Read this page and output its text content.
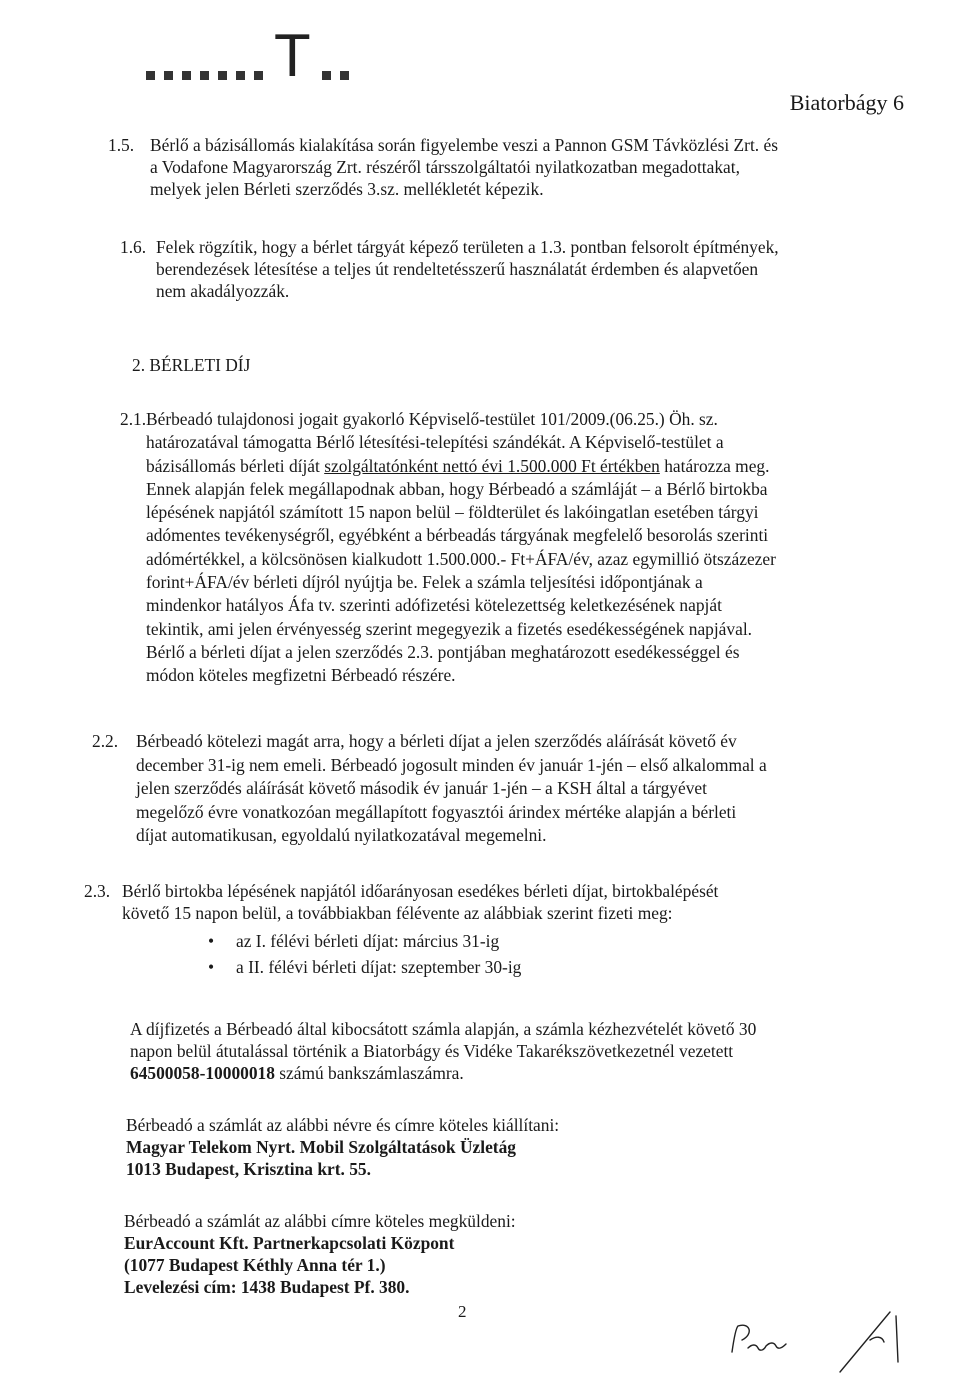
T
Biatorbágy 6
1.5. Bérlő a bázisállomás kialakítása során figyelembe veszi a Pannon GSM Távközlési Zrt. és
a Vodafone Magyarország Zrt. részéről társszolgáltatói nyilatkozatban megadottakat,
melyek jelen Bérleti szerződés 3.sz. mellékletét képezik.
1.6. Felek rögzítik, hogy a bérlet tárgyát képező területen a 1.3. pontban felsorolt építmények,
berendezések létesítése a teljes út rendeltetésszerű használatát érdemben és alapvetően
nem akadályozzák.
2. BÉRLETI DÍJ
2.1. Bérbeadó tulajdonosi jogait gyakorló Képviselő-testület 101/2009.(06.25.) Öh. sz.
határozatával támogatta Bérlő létesítési-telepítési szándékát. A Képviselő-testület a
bázisállomás bérleti díját szolgáltatónként nettó évi 1.500.000 Ft értékben határozza meg.
Ennek alapján felek megállapodnak abban, hogy Bérbeadó a számláját – a Bérlő birtokba
lépésének napjától számított 15 napon belül – földterület és lakóingatlan esetében tárgyi
adómentes tevékenységről, egyébként a bérbeadás tárgyának megfelelő besorolás szerinti
adómértékkel, a kölcsönösen kialkudott 1.500.000.- Ft+ÁFA/év, azaz egymillió ötszázezer
forint+ÁFA/év bérleti díjról nyújtja be. Felek a számla teljesítési időpontjának a
mindenkor hatályos Áfa tv. szerinti adófizetési kötelezettség keletkezésének napját
tekintik, ami jelen érvényesség szerint megegyezik a fizetés esedékességének napjával.
Bérlő a bérleti díjat a jelen szerződés 2.3. pontjában meghatározott esedékességgel és
módon köteles megfizetni Bérbeadó részére.
2.2. Bérbeadó kötelezi magát arra, hogy a bérleti díjat a jelen szerződés aláírását követő év
december 31-ig nem emeli. Bérbeadó jogosult minden év január 1-jén – első alkalommal a
jelen szerződés aláírását követő második év január 1-jén – a KSH által a tárgyévet
megelőző évre vonatkozóan megállapított fogyasztói árindex mértéke alapján a bérleti
díjat automatikusan, egyoldalú nyilatkozatával megemelni.
2.3. Bérlő birtokba lépésének napjától időarányosan esedékes bérleti díjat, birtokbalépését
követő 15 napon belül, a továbbiakban félévente az alábbiak szerint fizeti meg:
• az I. félévi bérleti díjat: március 31-ig
• a II. félévi bérleti díjat: szeptember 30-ig
A díjfizetés a Bérbeadó által kibocsátott számla alapján, a számla kézhezvételét követő 30
napon belül átutalással történik a Biatorbágy és Vidéke Takarékszövetkezetnél vezetett
64500058-10000018 számú bankszámlaszámra.
Bérbeadó a számlát az alábbi névre és címre köteles kiállítani:
Magyar Telekom Nyrt. Mobil Szolgáltatások Üzletág
1013 Budapest, Krisztina krt. 55.
Bérbeadó a számlát az alábbi címre köteles megküldeni:
EurAccount Kft. Partnerkapcsolati Központ
(1077 Budapest Kéthly Anna tér 1.)
Levelezési cím: 1438 Budapest Pf. 380.
2
